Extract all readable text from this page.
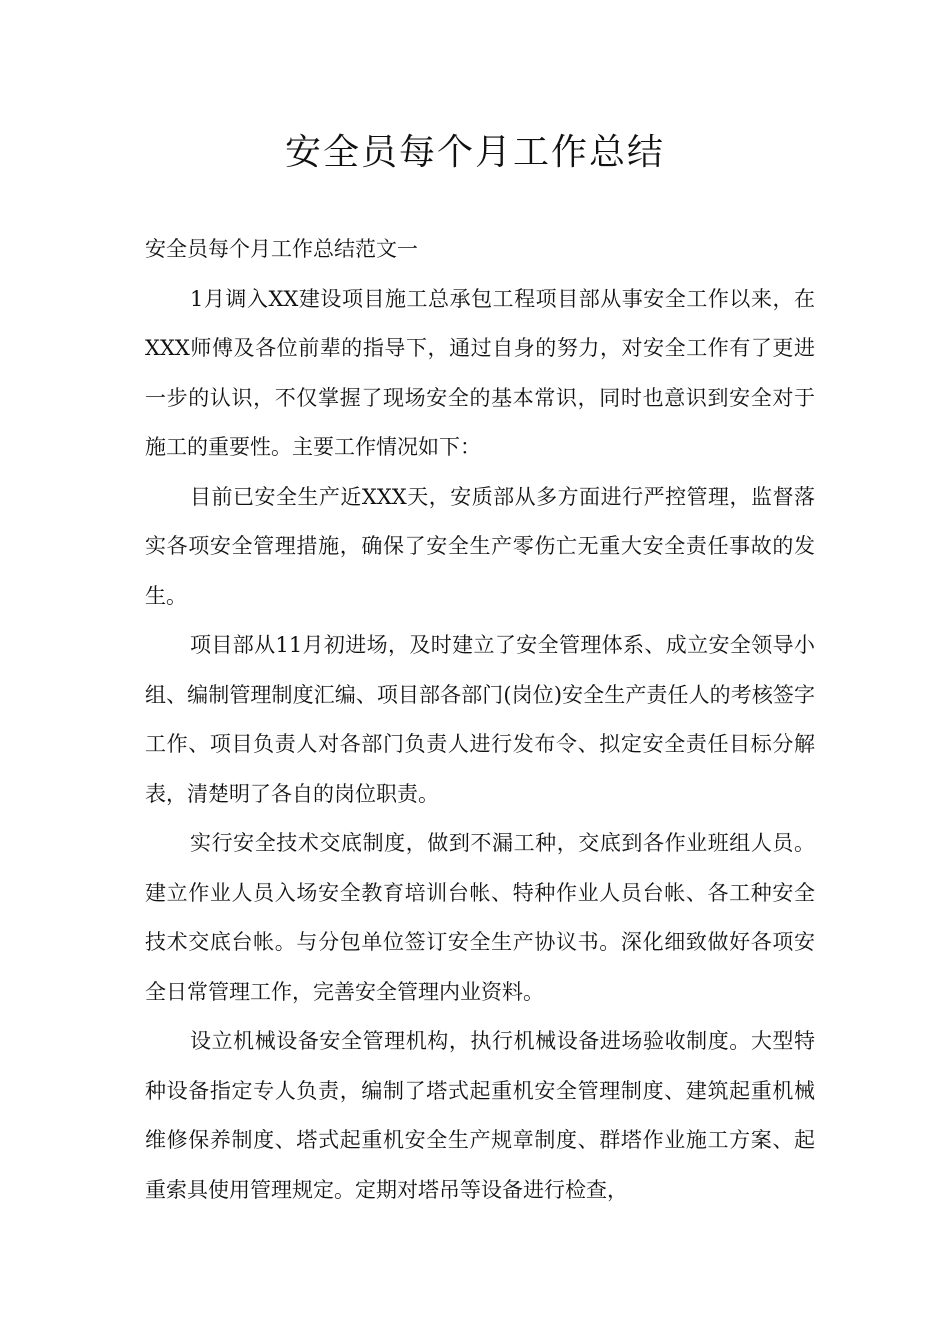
安全员每个月工作总结

安全员每个月工作总结范文一

1月调入XX建设项目施工总承包工程项目部从事安全工作以来，在XXX师傅及各位前辈的指导下，通过自身的努力，对安全工作有了更进一步的认识，不仅掌握了现场安全的基本常识，同时也意识到安全对于施工的重要性。主要工作情况如下：

目前已安全生产近XXX天，安质部从多方面进行严控管理，监督落实各项安全管理措施，确保了安全生产零伤亡无重大安全责任事故的发生。

项目部从11月初进场，及时建立了安全管理体系、成立安全领导小组、编制管理制度汇编、项目部各部门(岗位)安全生产责任人的考核签字工作、项目负责人对各部门负责人进行发布令、拟定安全责任目标分解表，清楚明了各自的岗位职责。

实行安全技术交底制度，做到不漏工种，交底到各作业班组人员。建立作业人员入场安全教育培训台帐、特种作业人员台帐、各工种安全技术交底台帐。与分包单位签订安全生产协议书。深化细致做好各项安全日常管理工作，完善安全管理内业资料。

设立机械设备安全管理机构，执行机械设备进场验收制度。大型特种设备指定专人负责，编制了塔式起重机安全管理制度、建筑起重机械维修保养制度、塔式起重机安全生产规章制度、群塔作业施工方案、起重索具使用管理规定。定期对塔吊等设备进行检查，
